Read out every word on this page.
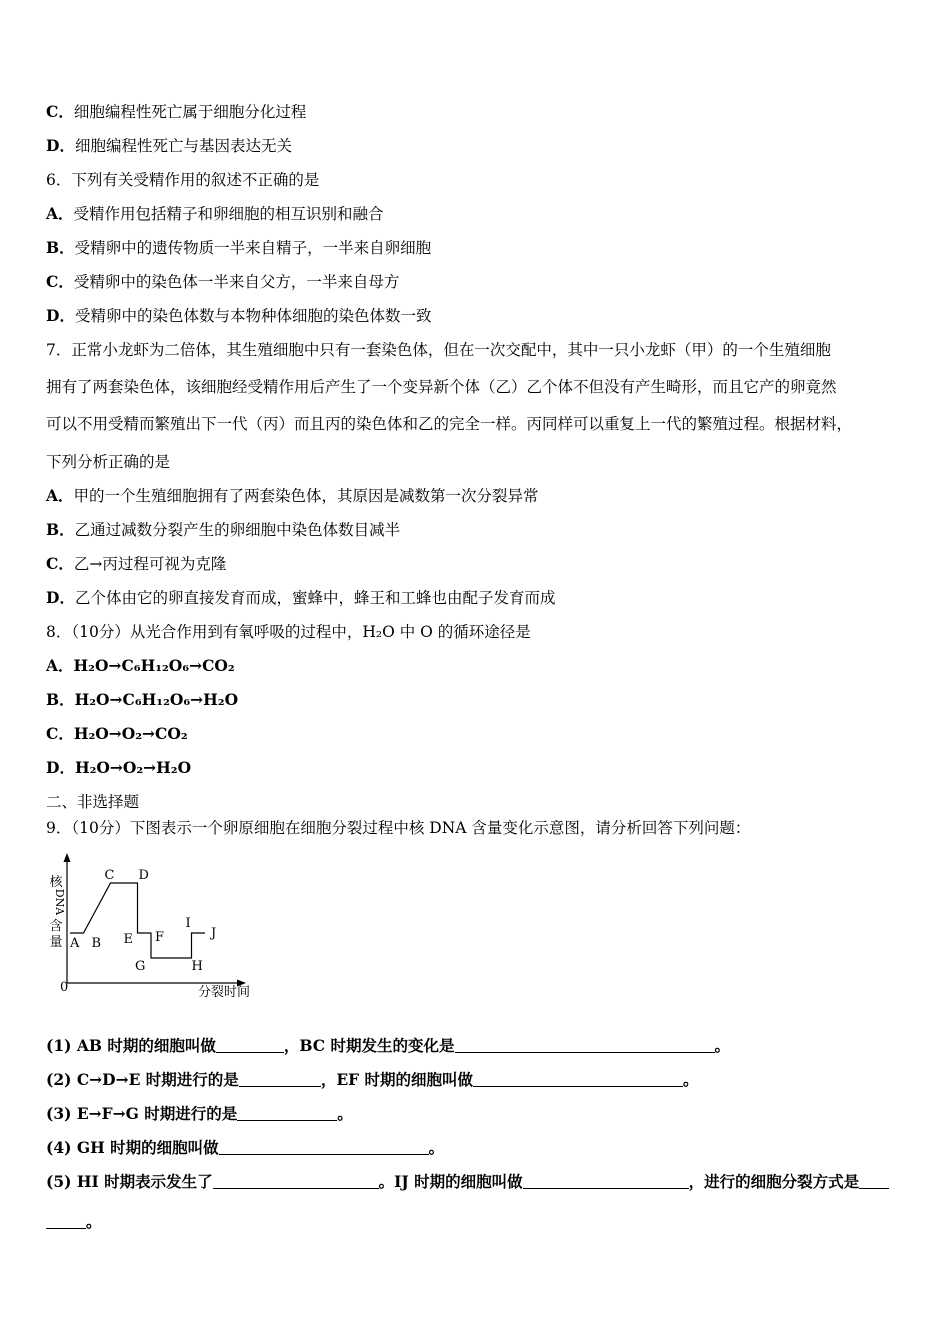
C．细胞编程性死亡属于细胞分化过程
D．细胞编程性死亡与基因表达无关
6．下列有关受精作用的叙述不正确的是
A．受精作用包括精子和卵细胞的相互识别和融合
B．受精卵中的遗传物质一半来自精子，一半来自卵细胞
C．受精卵中的染色体一半来自父方，一半来自母方
D．受精卵中的染色体数与本物种体细胞的染色体数一致
7．正常小龙虾为二倍体，其生殖细胞中只有一套染色体，但在一次交配中，其中一只小龙虾（甲）的一个生殖细胞
拥有了两套染色体，该细胞经受精作用后产生了一个变异新个体（乙）乙个体不但没有产生畸形，而且它产的卵竟然
可以不用受精而繁殖出下一代（丙）而且丙的染色体和乙的完全一样。丙同样可以重复上一代的繁殖过程。根据材料，
下列分析正确的是
A．甲的一个生殖细胞拥有了两套染色体，其原因是减数第一次分裂异常
B．乙通过减数分裂产生的卵细胞中染色体数目减半
C．乙→丙过程可视为克隆
D．乙个体由它的卵直接发育而成，蜜蜂中，蜂王和工蜂也由配子发育而成
8．（10分）从光合作用到有氧呼吸的过程中，H₂O 中 O 的循环途径是
A．H₂O→C₆H₁₂O₆→CO₂
B．H₂O→C₆H₁₂O₆→H₂O
C．H₂O→O₂→CO₂
D．H₂O→O₂→H₂O
二、非选择题
9．（10分）下图表示一个卵原细胞在细胞分裂过程中核 DNA 含量变化示意图，请分析回答下列问题：
核
DNA
含
量
0	分裂时间
A B
C D
E F
G	H
I
J
(1) AB 时期的细胞叫做	，BC 时期发生的变化是	。
(2) C→D→E 时期进行的是	，EF 时期的细胞叫做	。
(3) E→F→G 时期进行的是	。
(4) GH 时期的细胞叫做	。
(5) HI 时期表示发生了	。IJ 时期的细胞叫做	，进行的细胞分裂方式是
。
